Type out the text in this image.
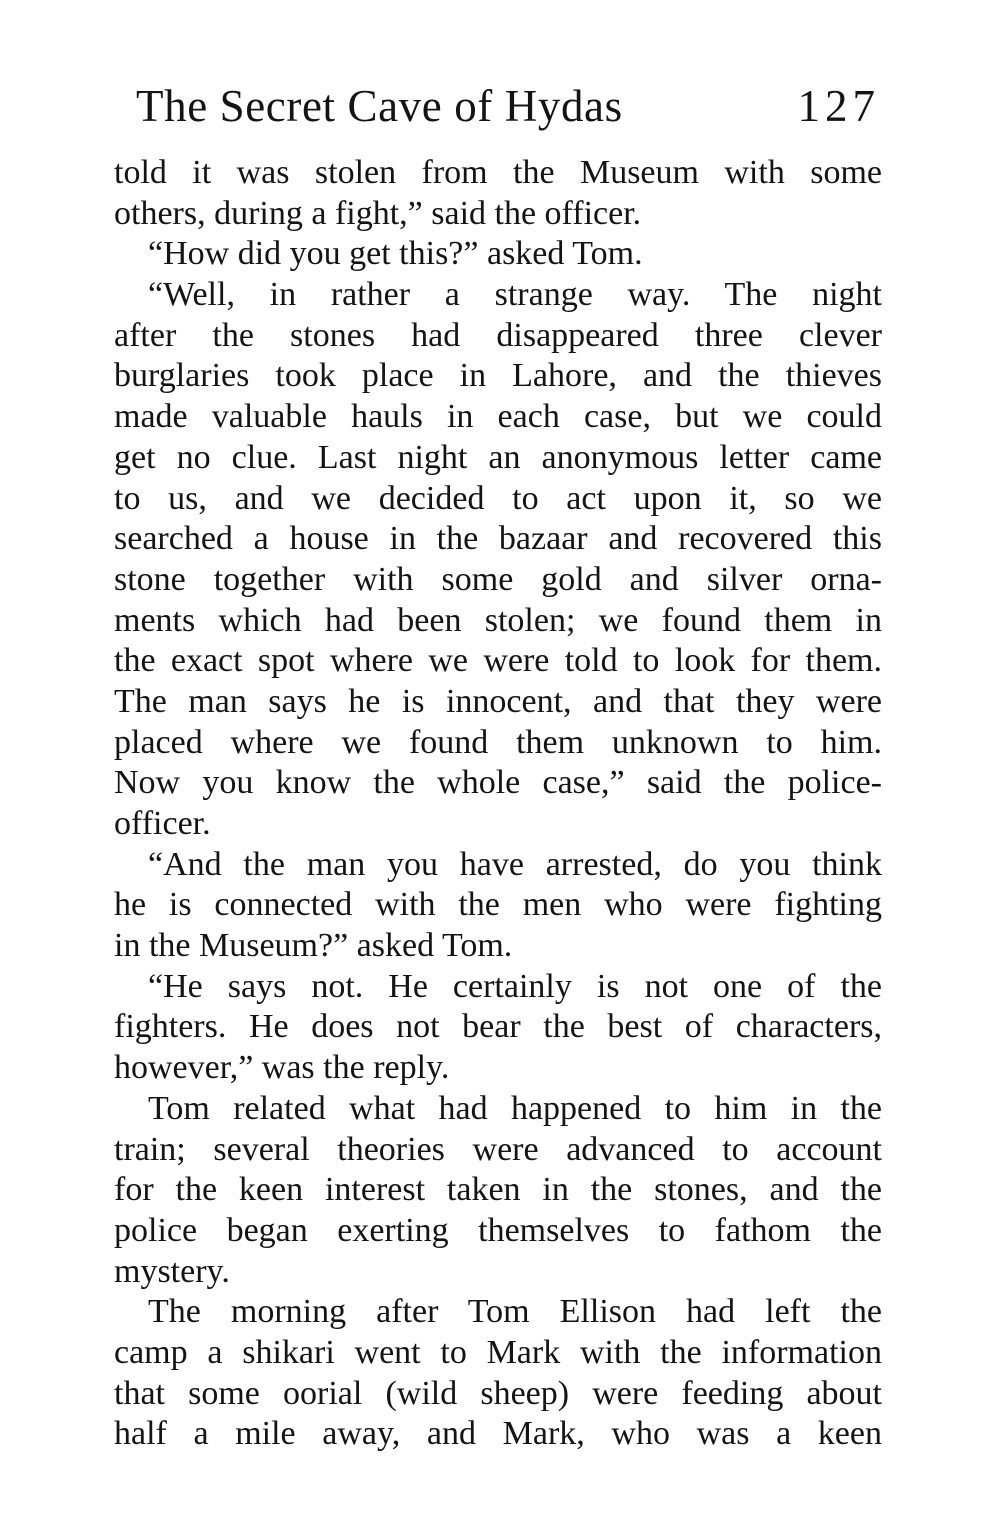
The Secret Cave of Hydas	127
told it was stolen from the Museum with some
others, during a fight,” said the officer.
“How did you get this?” asked Tom.
“Well, in rather a strange way. The night
after the stones had disappeared three clever
burglaries took place in Lahore, and the thieves
made valuable hauls in each case, but we could
get no clue. Last night an anonymous letter came
to us, and we decided to act upon it, so we
searched a house in the bazaar and recovered this
stone together with some gold and silver orna-
ments which had been stolen; we found them in
the exact spot where we were told to look for them.
The man says he is innocent, and that they were
placed where we found them unknown to him.
Now you know the whole case,” said the police-
officer.
“And the man you have arrested, do you think
he is connected with the men who were fighting
in the Museum?” asked Tom.
“He says not. He certainly is not one of the
fighters. He does not bear the best of characters,
however,” was the reply.
Tom related what had happened to him in the
train; several theories were advanced to account
for the keen interest taken in the stones, and the
police began exerting themselves to fathom the
mystery.
The morning after Tom Ellison had left the
camp a shikari went to Mark with the information
that some oorial (wild sheep) were feeding about
half a mile away, and Mark, who was a keen
